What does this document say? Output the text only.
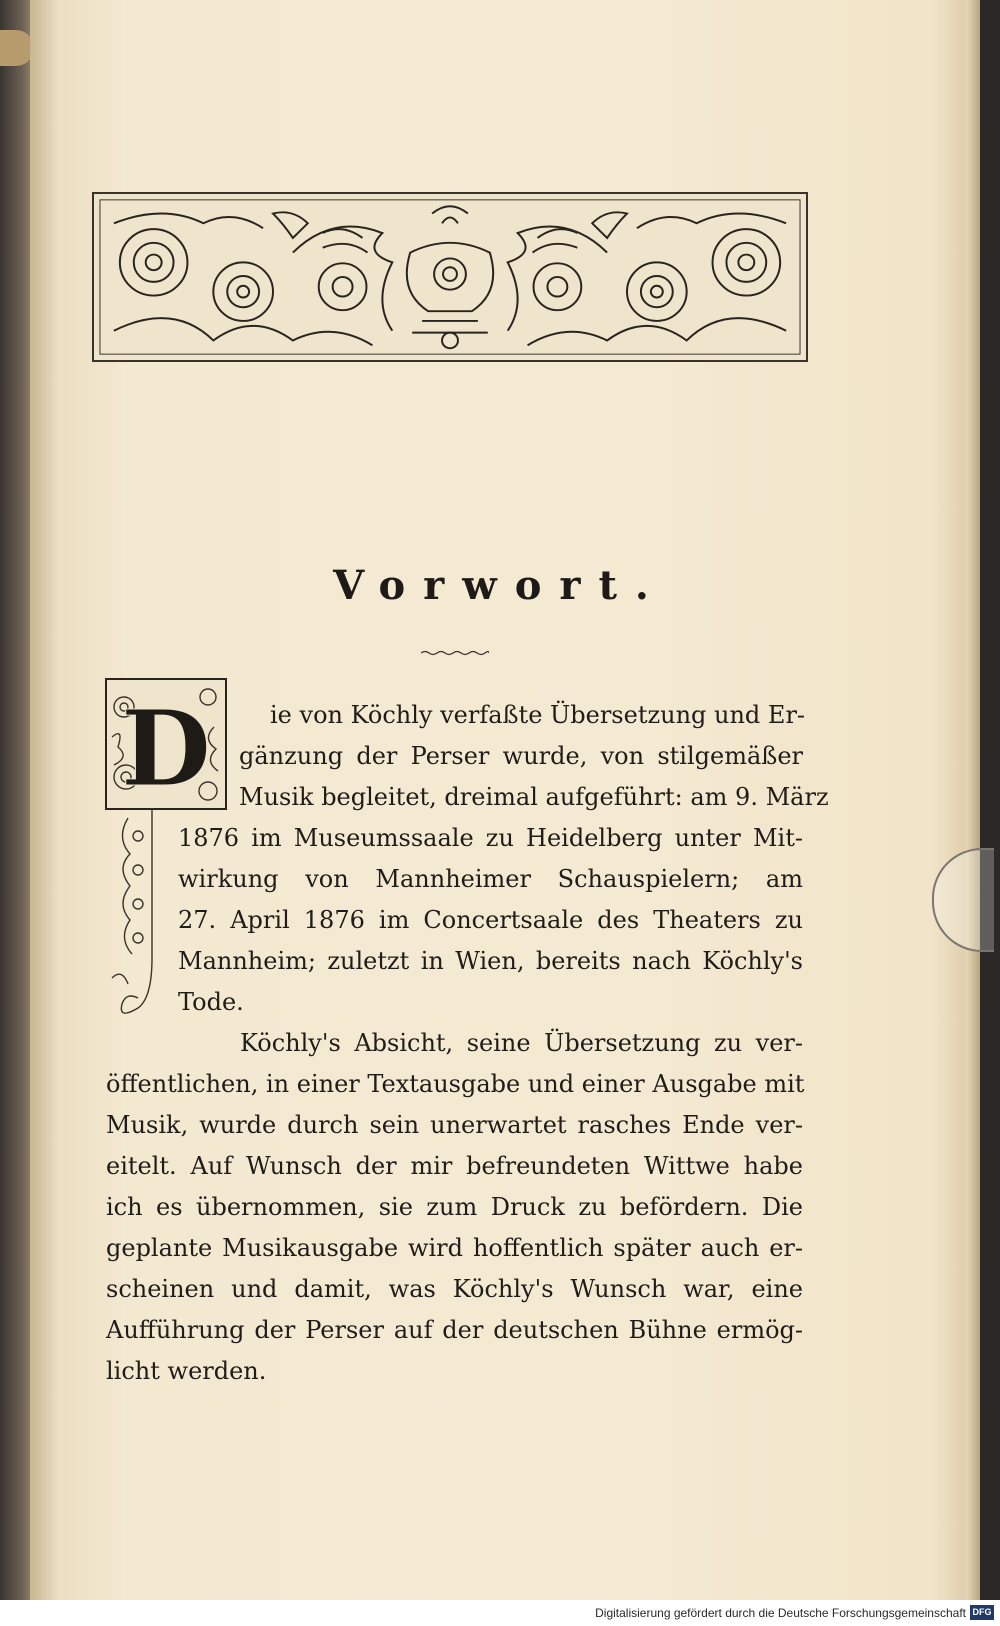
Vorwort.
D ie von Köchly verfaßte Übersetzung und Er-
gänzung der Perser wurde, von stilgemäßer
Musik begleitet, dreimal aufgeführt: am 9. März
1876 im Museumssaale zu Heidelberg unter Mit-
wirkung von Mannheimer Schauspielern; am
27. April 1876 im Concertsaale des Theaters zu
Mannheim; zuletzt in Wien, bereits nach Köchly's
Tode.
Köchly's Absicht, seine Übersetzung zu ver-
öffentlichen, in einer Textausgabe und einer Ausgabe mit
Musik, wurde durch sein unerwartet rasches Ende ver-
eitelt. Auf Wunsch der mir befreundeten Wittwe habe
ich es übernommen, sie zum Druck zu befördern. Die
geplante Musikausgabe wird hoffentlich später auch er-
scheinen und damit, was Köchly's Wunsch war, eine
Aufführung der Perser auf der deutschen Bühne ermög-
licht werden.
Digitalisierung gefördert durch die Deutsche Forschungsgemeinschaft DFG
